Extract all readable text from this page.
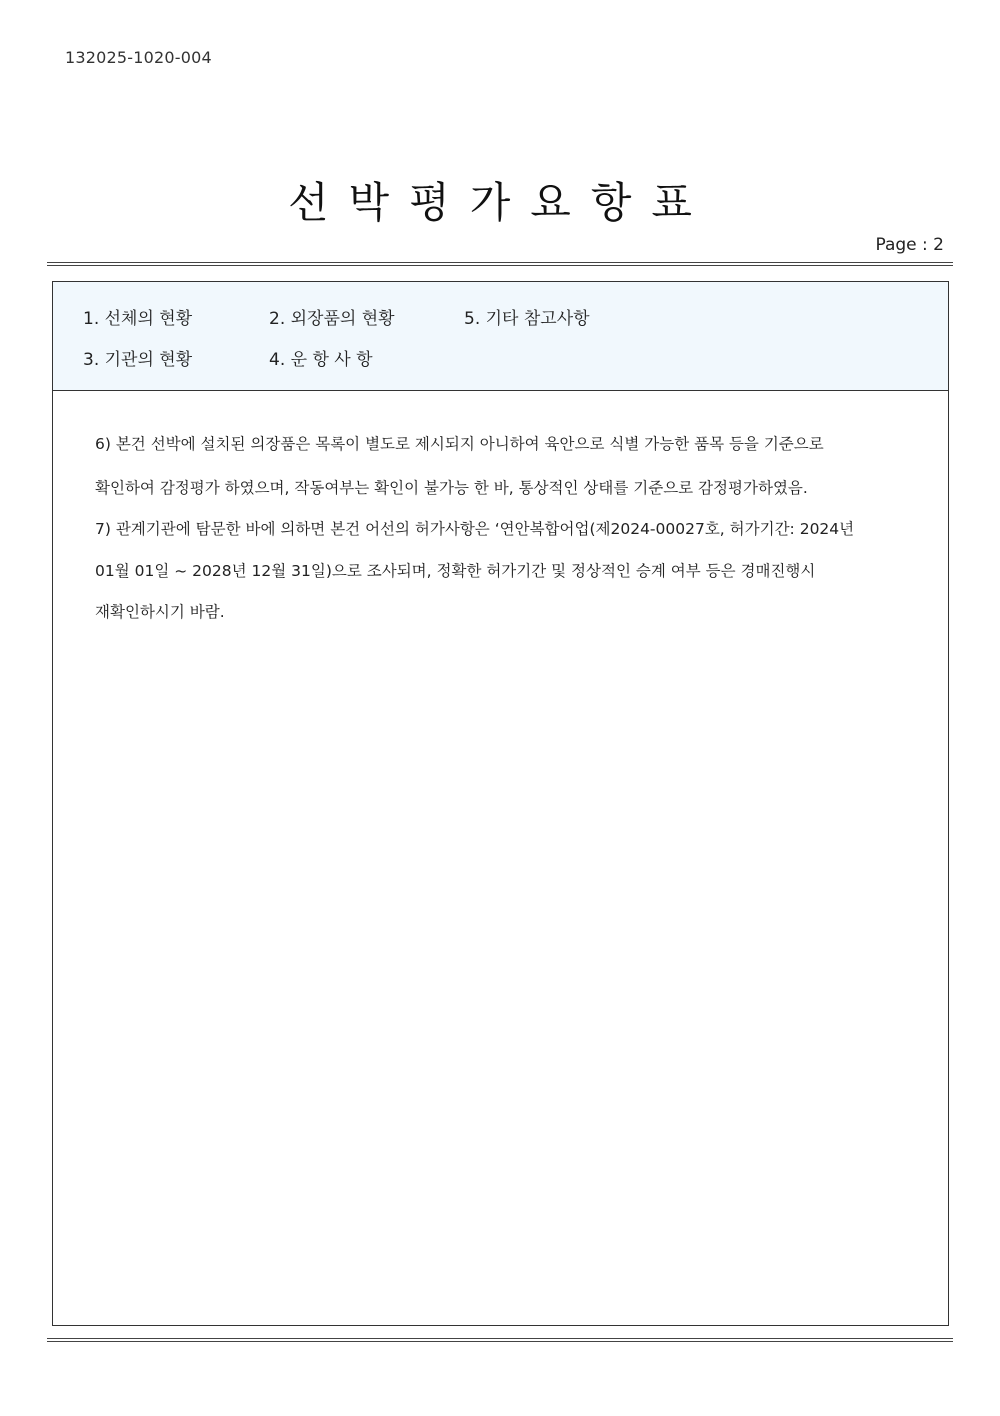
132025-1020-004
선박평가요항표
Page : 2
1. 선체의 현황	2. 외장품의 현황	5. 기타 참고사항
3. 기관의 현황	4. 운 항 사 항
6) 본건 선박에 설치된 의장품은 목록이 별도로 제시되지 아니하여 육안으로 식별 가능한 품목 등을 기준으로
확인하여 감정평가 하였으며, 작동여부는 확인이 불가능 한 바, 통상적인 상태를 기준으로 감정평가하였음.
7) 관계기관에 탐문한 바에 의하면 본건 어선의 허가사항은 ‘연안복합어업(제2024-00027호, 허가기간: 2024년
01월 01일 ~ 2028년 12월 31일)으로 조사되며, 정확한 허가기간 및 정상적인 승계 여부 등은 경매진행시
재확인하시기 바람.
